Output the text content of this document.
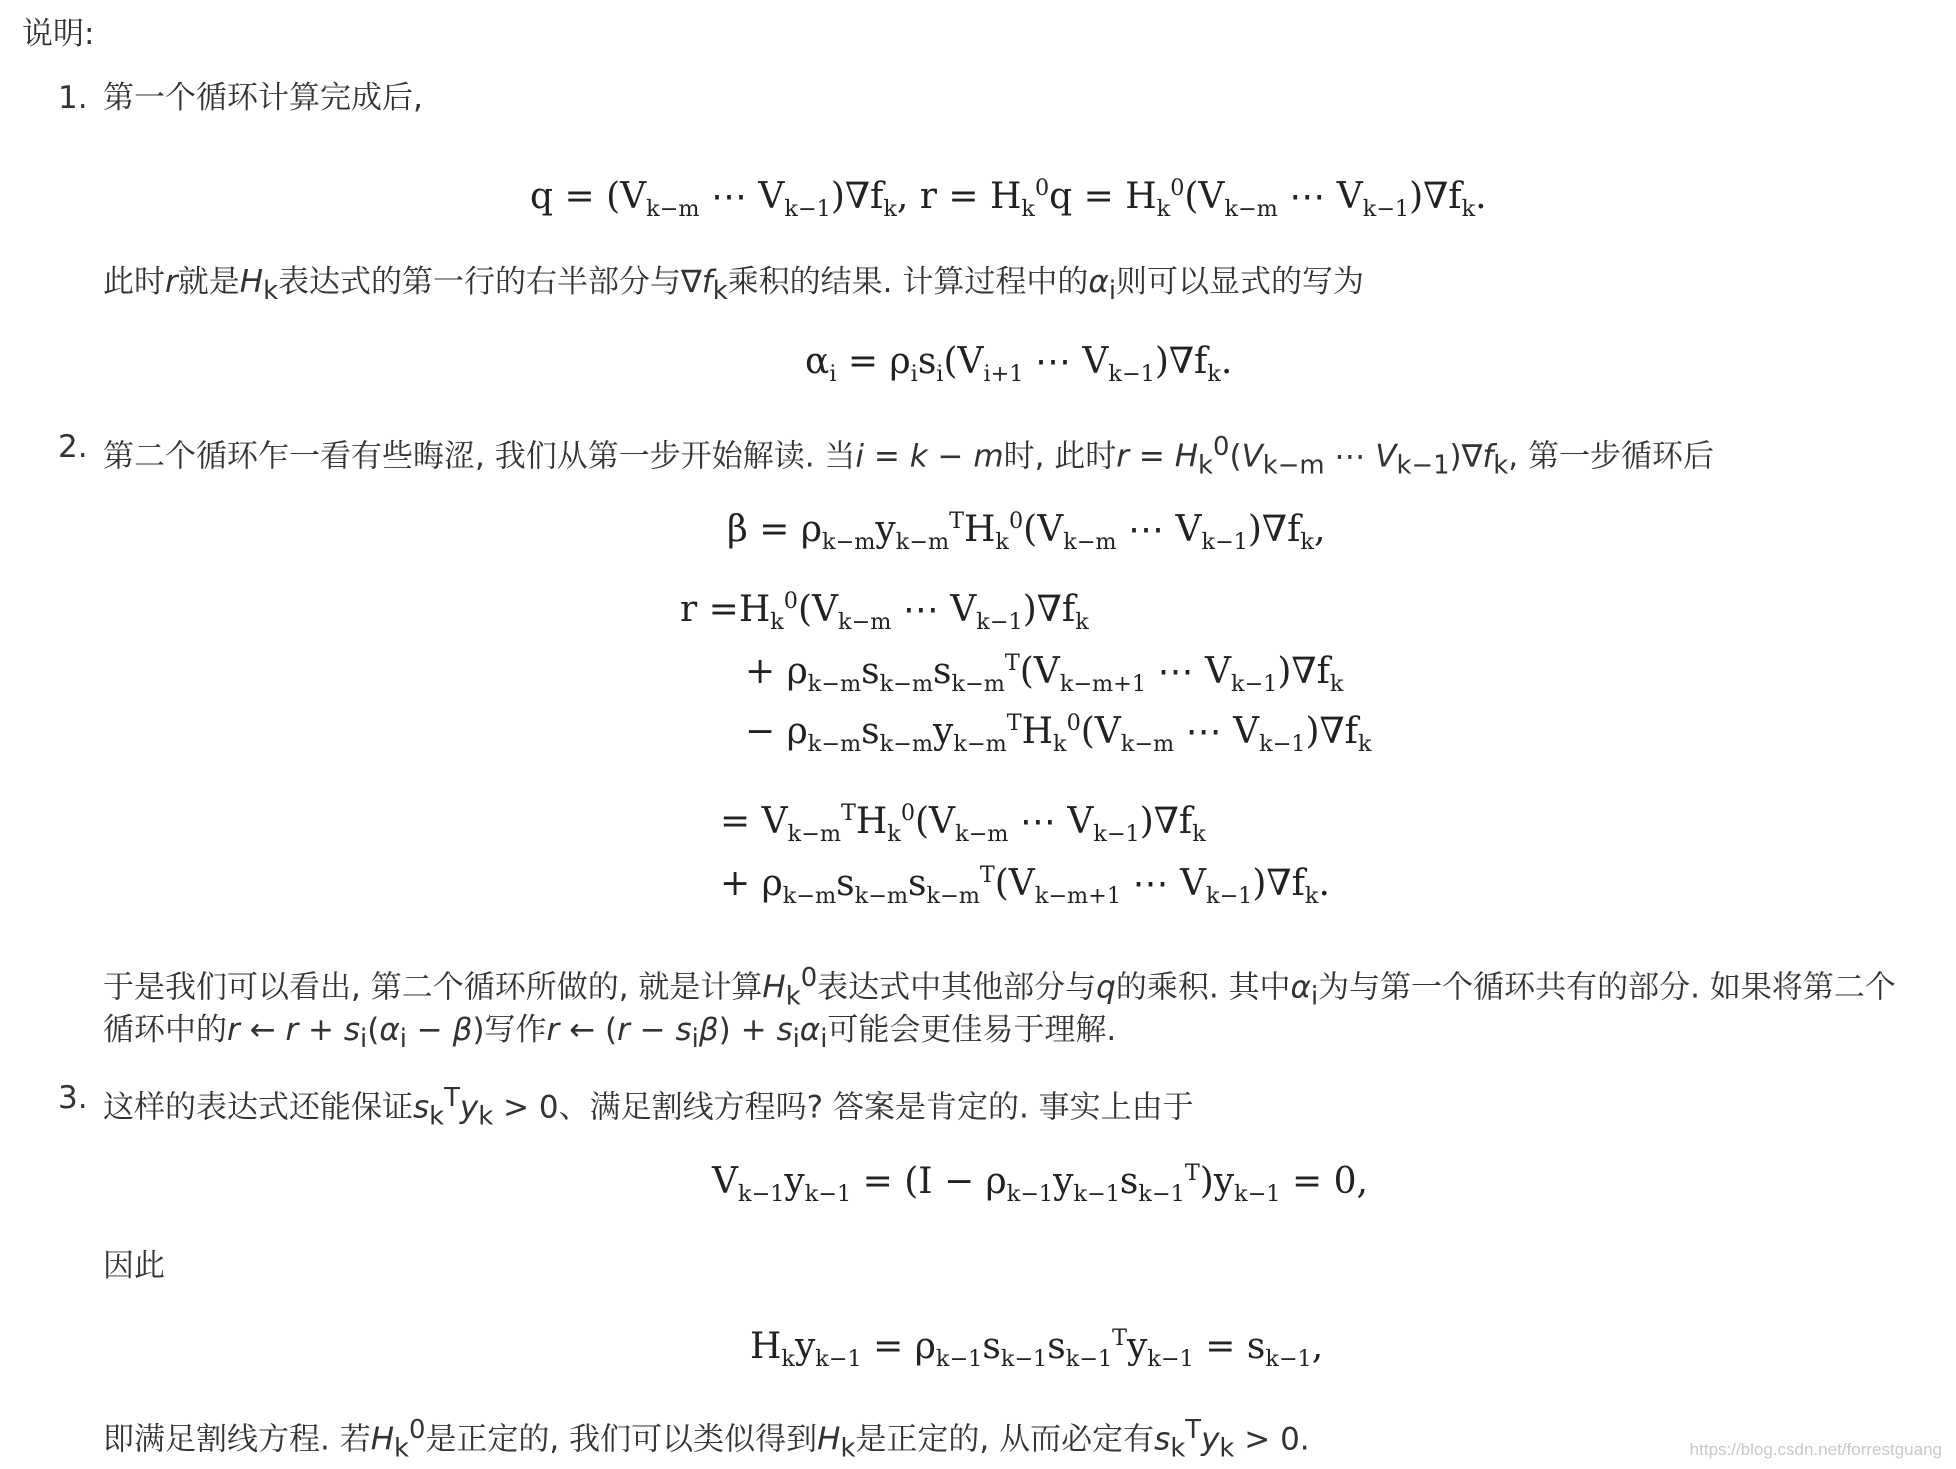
说明:
1. 第一个循环计算完成后,
$q = (V_{k-m}$ ⋯ $V_{k-1})\nabla f_k$, $r = H_k^0q = H_k^0(V_{k-m}$ ⋯ $V_{k-1})\nabla f_k$.
此时r就是$H_k$表达式的第一行的右半部分与$\nabla f_k$乘积的结果. 计算过程中的$\alpha_i$则可以显式的写为
$\alpha_i = \rho_is_i(V_{i+1}$ ⋯ $V_{k-1})\nabla f_k$.
2. 第二个循环乍一看有些晦涩, 我们从第一步开始解读. 当i = k − m时, 此时$r = H_k^0(V_{k-m}$ ⋯ $V_{k-1})\nabla f_k$, 第一步循环后
$\beta = \rho_{k-m}y_{k-m}^TH_k^0(V_{k-m}$ ⋯ $V_{k-1})\nabla f_k$,
$r =H_k^0(V_{k-m}$ ⋯ $V_{k-1})\nabla f_k$
+ $\rho_{k-m}s_{k-m}s_{k-m}^T(V_{k-m+1}$ ⋯ $V_{k-1})\nabla f_k$
− $\rho_{k-m}s_{k-m}y_{k-m}^TH_k^0(V_{k-m}$ ⋯ $V_{k-1})\nabla f_k$
= $V_{k-m}^TH_k^0(V_{k-m}$ ⋯ $V_{k-1})\nabla f_k$
+ $\rho_{k-m}s_{k-m}s_{k-m}^T(V_{k-m+1}$ ⋯ $V_{k-1})\nabla f_k$.
于是我们可以看出, 第二个循环所做的, 就是计算$H_k^0$表达式中其他部分与q的乘积. 其中$\alpha_i$为与第一个循环共有的部分. 如果将第二个
循环中的r ← $r + s_i(\alpha_i - \beta)$写作r ← $(r - s_i\beta) + s_i\alpha_i$可能会更佳易于理解.
3. 这样的表达式还能保证$s_k^Ty_k > 0$、满足割线方程吗? 答案是肯定的. 事实上由于
$V_{k-1}y_{k-1} = (I - \rho_{k-1}y_{k-1}s_{k-1}^T)y_{k-1} = 0$,
因此
$H_ky_{k-1} = \rho_{k-1}s_{k-1}s_{k-1}^Ty_{k-1} = s_{k-1}$,
即满足割线方程. 若$H_k^0$是正定的, 我们可以类似得到$H_k$是正定的, 从而必定有$s_k^Ty_k > 0$.	https://blog.csdn.net/forrestguang
